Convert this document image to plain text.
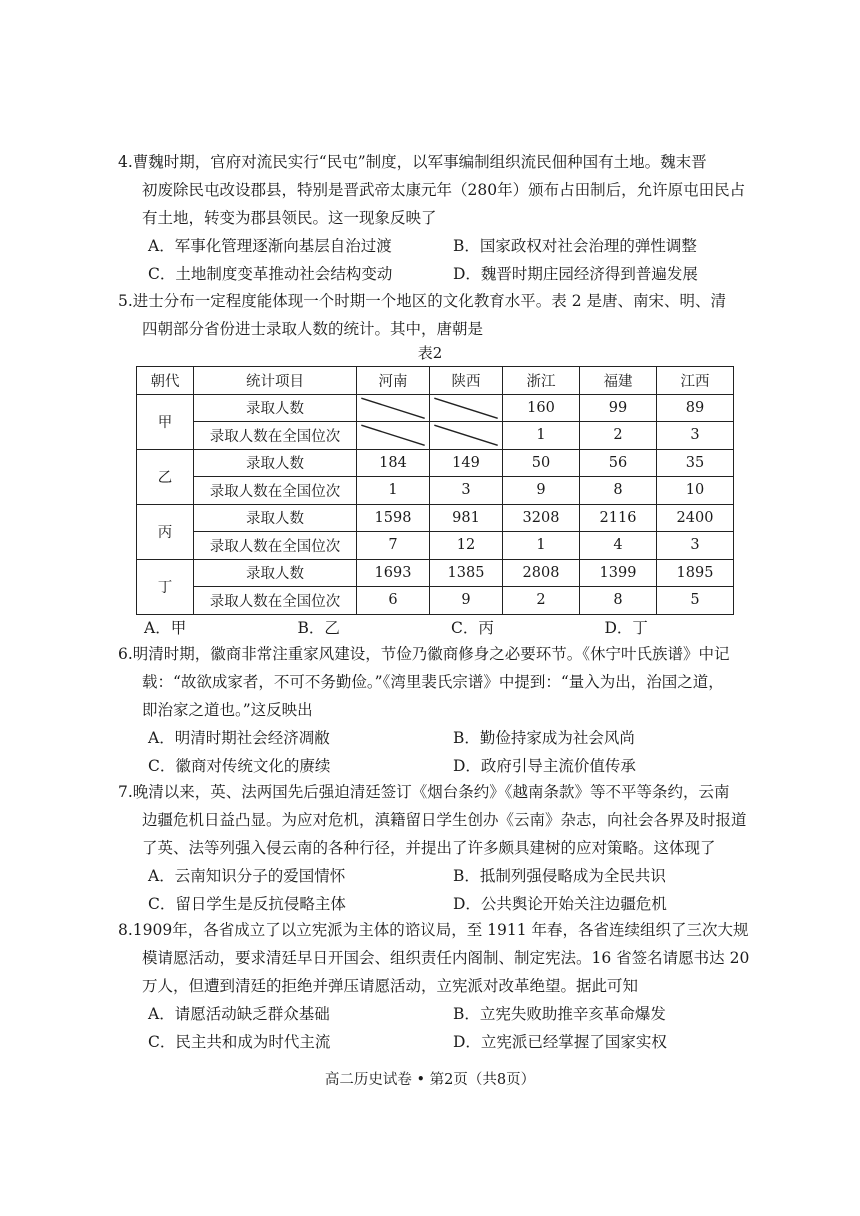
4.曹魏时期，官府对流民实行“民屯”制度，以军事编制组织流民佃种国有土地。魏末晋

初废除民屯改设郡县，特别是晋武帝太康元年（280年）颁布占田制后，允许原屯田民占

有土地，转变为郡县领民。这一现象反映了

A．军事化管理逐渐向基层自治过渡	B．国家政权对社会治理的弹性调整
C．土地制度变革推动社会结构变动	D．魏晋时期庄园经济得到普遍发展

5.进士分布一定程度能体现一个时期一个地区的文化教育水平。表 2 是唐、南宋、明、清

四朝部分省份进士录取人数的统计。其中，唐朝是

表2
朝代	统计项目	河南	陕西	浙江	福建	江西
甲	录取人数			160	99	89
	录取人数在全国位次			1	2	3
乙	录取人数	184	149	50	56	35
	录取人数在全国位次	1	3	9	8	10
丙	录取人数	1598	981	3208	2116	2400
	录取人数在全国位次	7	12	1	4	3
丁	录取人数	1693	1385	2808	1399	1895
	录取人数在全国位次	6	9	2	8	5
A．甲	B．乙	C．丙	D．丁

6.明清时期，徽商非常注重家风建设，节俭乃徽商修身之必要环节。《休宁叶氏族谱》中记

载：“故欲成家者，不可不务勤俭。”《湾里裴氏宗谱》中提到：“量入为出，治国之道，

即治家之道也。”这反映出

A．明清时期社会经济凋敝	B．勤俭持家成为社会风尚
C．徽商对传统文化的赓续	D．政府引导主流价值传承

7.晚清以来，英、法两国先后强迫清廷签订《烟台条约》《越南条款》等不平等条约，云南

边疆危机日益凸显。为应对危机，滇籍留日学生创办《云南》杂志，向社会各界及时报道

了英、法等列强入侵云南的各种行径，并提出了许多颇具建树的应对策略。这体现了

A．云南知识分子的爱国情怀	B．抵制列强侵略成为全民共识
C．留日学生是反抗侵略主体	D．公共舆论开始关注边疆危机

8.1909年，各省成立了以立宪派为主体的谘议局，至 1911 年春，各省连续组织了三次大规

模请愿活动，要求清廷早日开国会、组织责任内阁制、制定宪法。16 省签名请愿书达 20

万人，但遭到清廷的拒绝并弹压请愿活动，立宪派对改革绝望。据此可知

A．请愿活动缺乏群众基础	B．立宪失败助推辛亥革命爆发
C．民主共和成为时代主流	D．立宪派已经掌握了国家实权
高二历史试卷 • 第2页（共8页）
